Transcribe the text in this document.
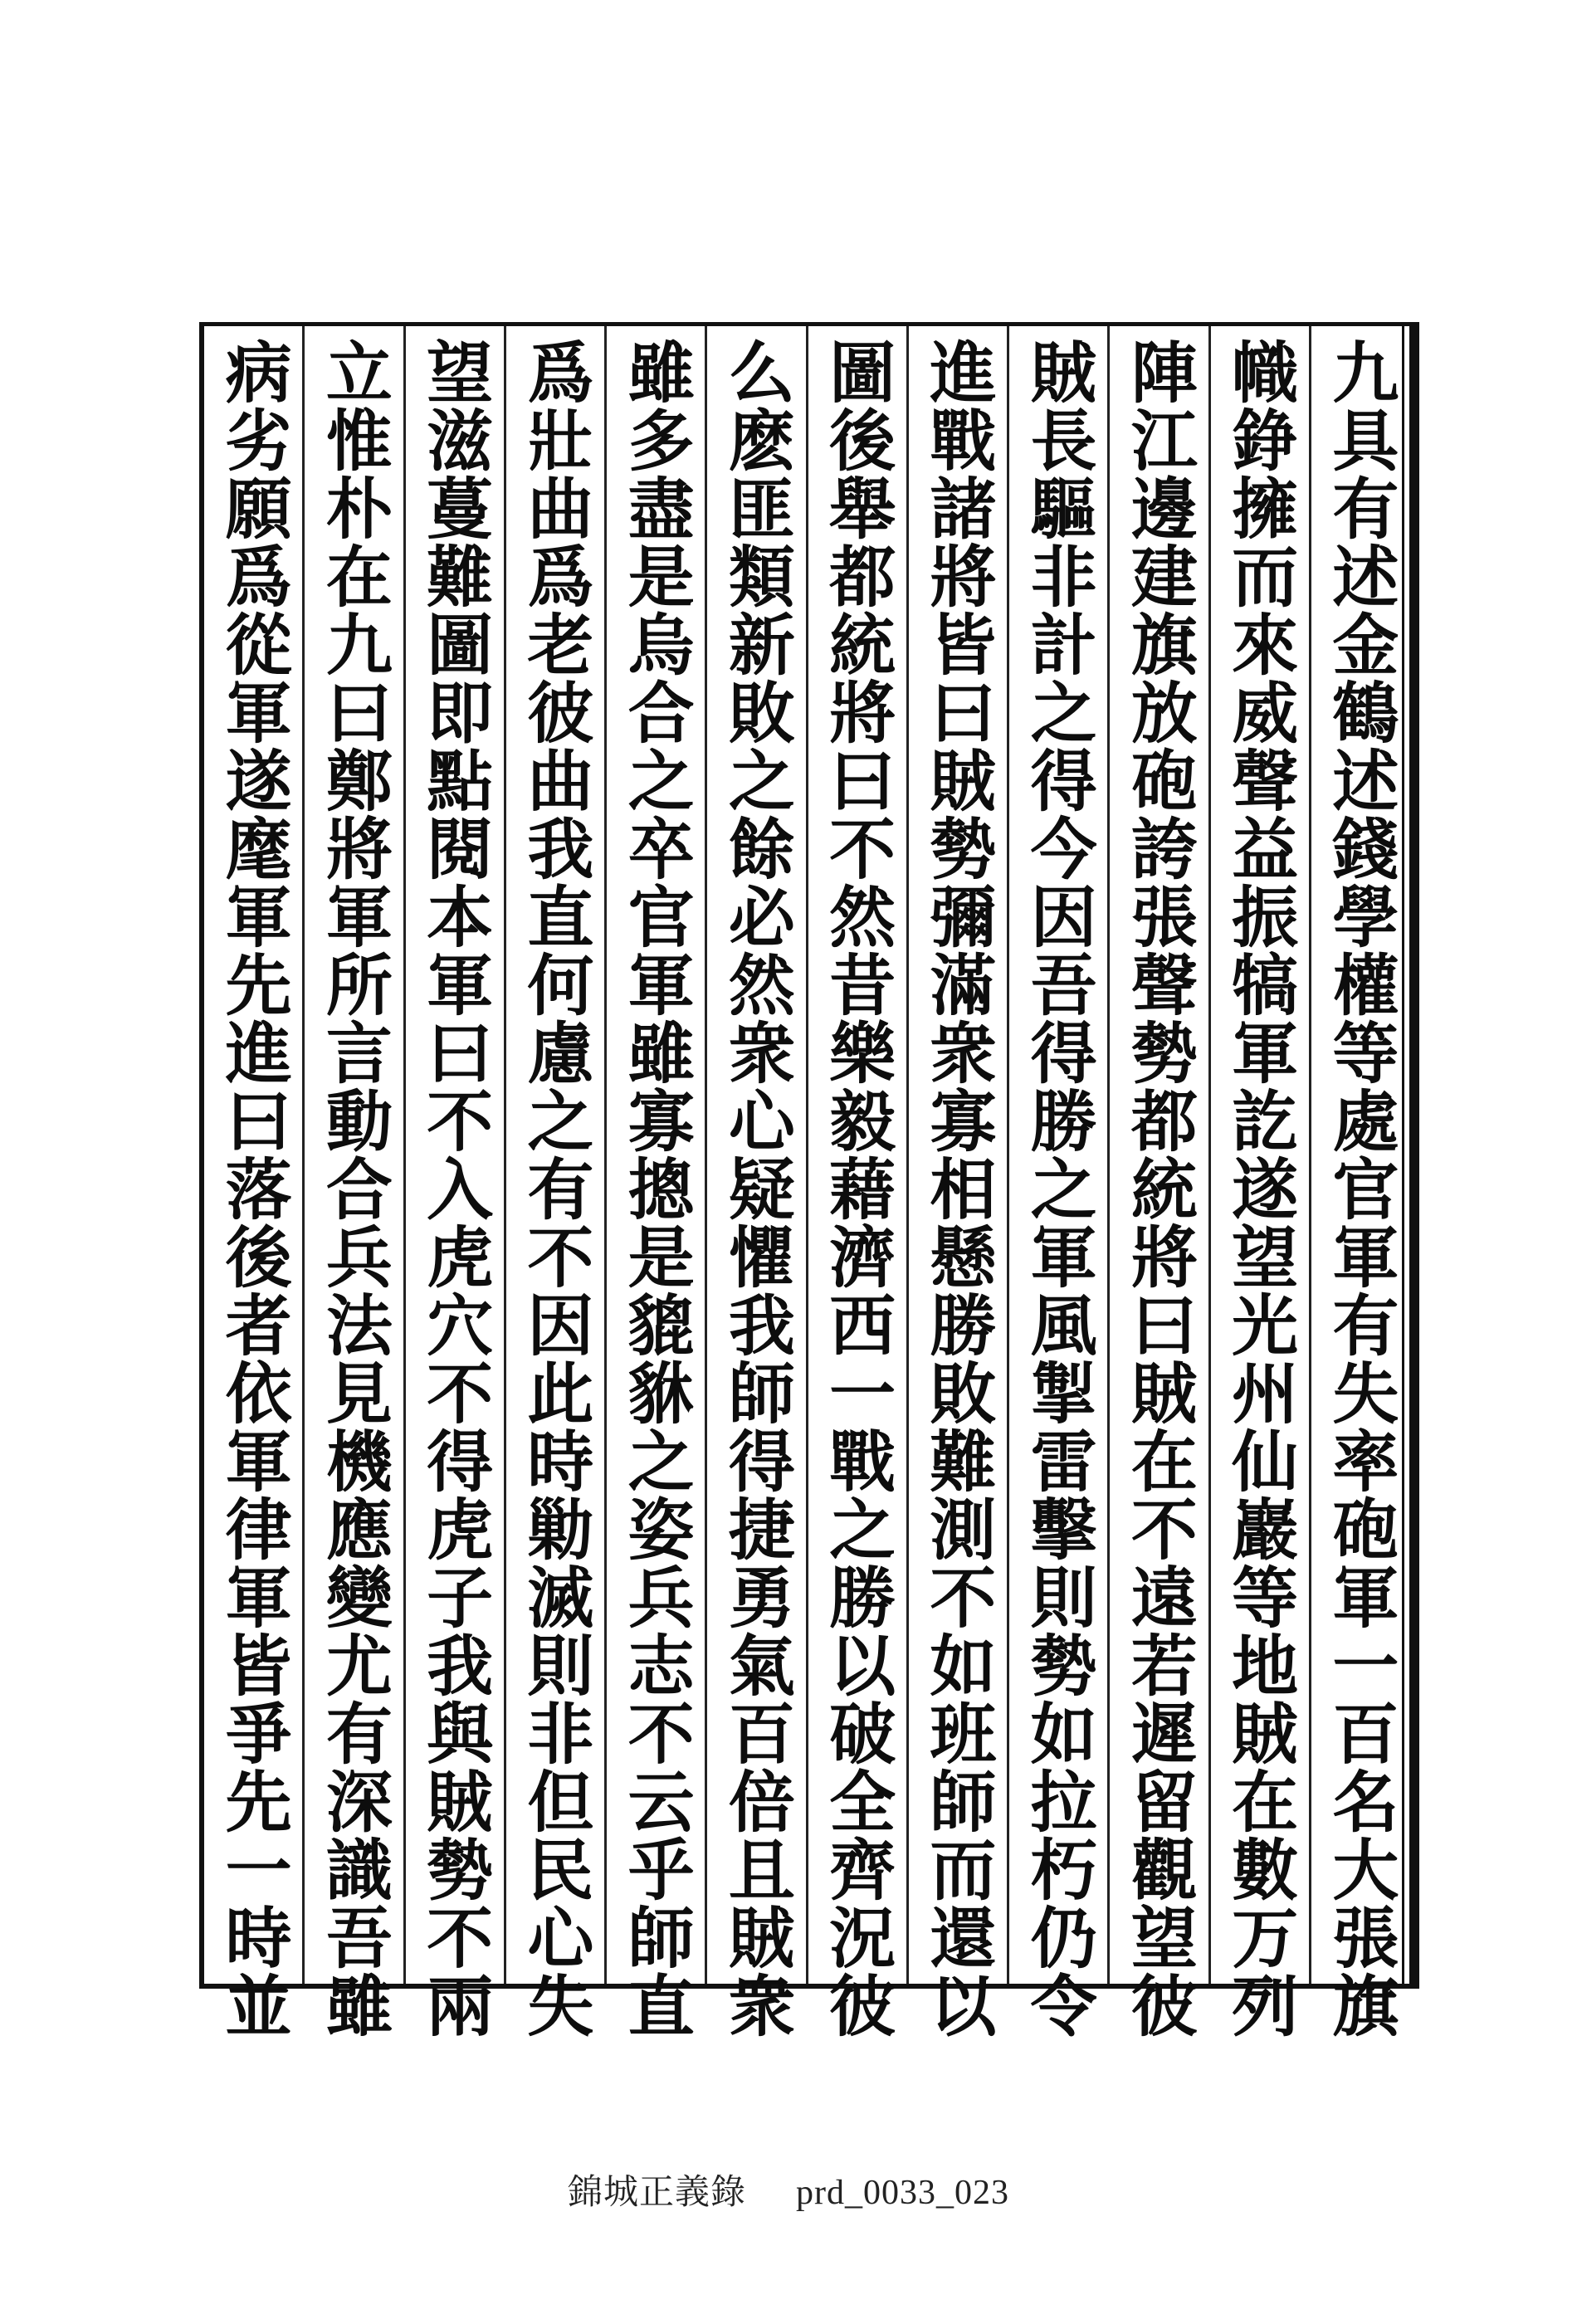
九具有述金鶴述錢學權等處官軍有失率砲軍一百名大張旗
幟錚擁而來威聲益振犒軍訖遂望光州仙巖等地賊在數万列
陣江邊建旗放砲誇張聲勢都統將曰賊在不遠若遲留觀望彼
賊長驅非計之得今因吾得勝之軍風掣雷擊則勢如拉朽仍令
進戰諸將皆曰賊勢彌滿衆寡相懸勝敗難測不如班師而還以
圖後舉都統將曰不然昔樂毅藉濟西一戰之勝以破全齊況彼
么麽匪類新敗之餘必然衆心疑懼我師得捷勇氣百倍且賊衆
雖多盡是烏合之卒官軍雖寡摠是貔貅之姿兵志不云乎師直
爲壯曲爲老彼曲我直何慮之有不因此時勦滅則非但民心失
望滋蔓難圖即點閱本軍曰不入虎穴不得虎子我與賊勢不兩
立惟朴在九曰鄭將軍所言動合兵法見機應變尤有深識吾雖
病劣願爲從軍遂麾軍先進曰落後者依軍律軍皆爭先一時並
錦城正義錄 prd_0033_023
